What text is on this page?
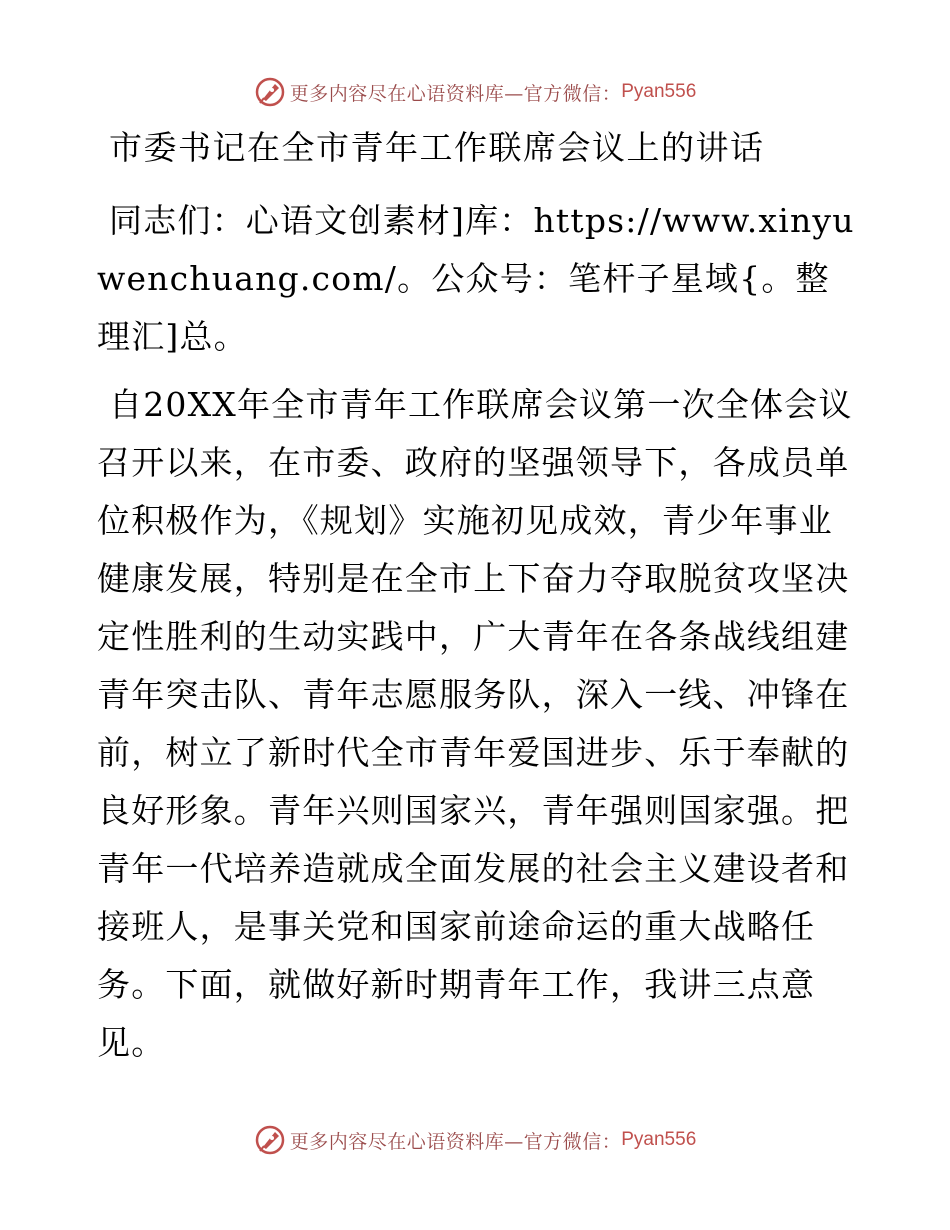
更多内容尽在心语资料库—官方微信： Pyan556
市委书记在全市青年工作联席会议上的讲话

同志们：心语文创素材]库：https://www.xinyuwenchuang.com/。公众号：笔杆子星域{。整理汇]总。

自20XX年全市青年工作联席会议第一次全体会议召开以来，在市委、政府的坚强领导下，各成员单位积极作为，《规划》实施初见成效，青少年事业健康发展，特别是在全市上下奋力夺取脱贫攻坚决定性胜利的生动实践中，广大青年在各条战线组建青年突击队、青年志愿服务队，深入一线、冲锋在前，树立了新时代全市青年爱国进步、乐于奉献的良好形象。青年兴则国家兴，青年强则国家强。把青年一代培养造就成全面发展的社会主义建设者和接班人，是事关党和国家前途命运的重大战略任务。下面，就做好新时期青年工作，我讲三点意见。

更多内容尽在心语资料库—官方微信： Pyan556
